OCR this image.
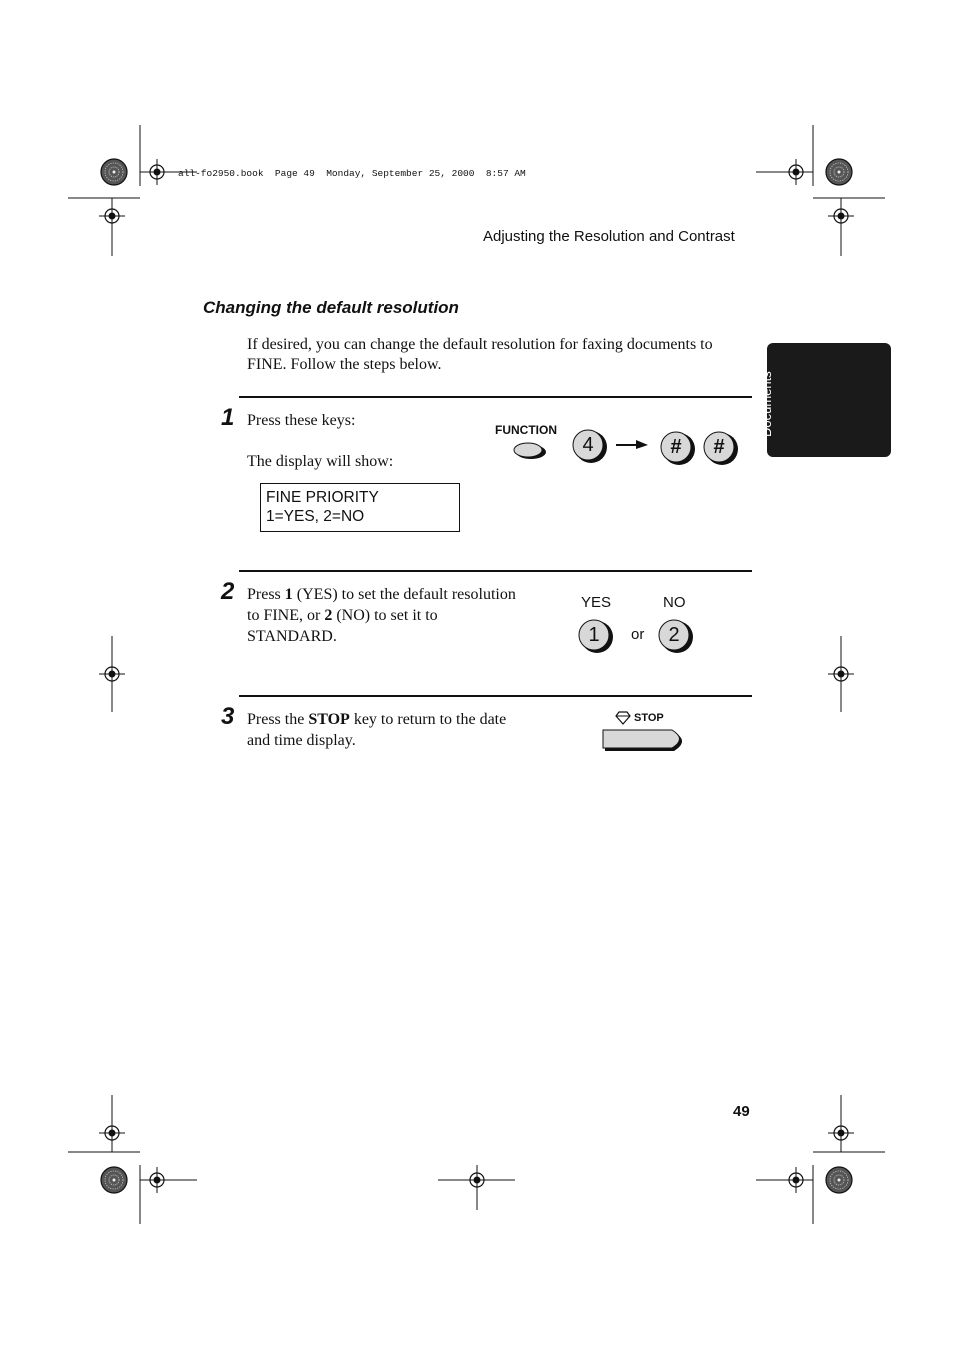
all-fo2950.book  Page 49  Monday, September 25, 2000  8:57 AM
Adjusting the Resolution and Contrast
2. Sending
Documents
Changing the default resolution
If desired, you can change the default resolution for faxing documents to FINE. Follow the steps below.
1 Press these keys:
The display will show:
FINE PRIORITY
1=YES, 2=NO
FUNCTION
4	#	#
2 Press 1 (YES) to set the default resolution to FINE, or 2 (NO) to set it to STANDARD.
YES	NO
1	or	2
3 Press the STOP key to return to the date and time display.
STOP
49
